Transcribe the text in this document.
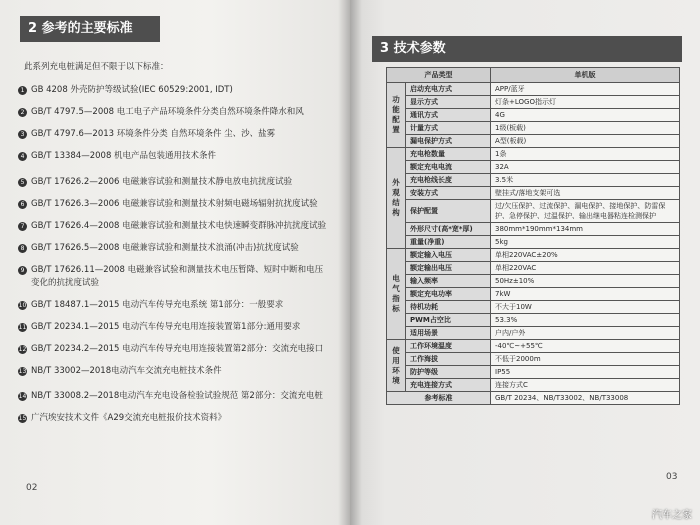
2 参考的主要标准
此系列充电桩满足但不限于以下标准：
1 GB 4208 外壳防护等级试验(IEC 60529:2001, IDT)
2 GB/T 4797.5—2008 电工电子产品环境条件分类自然环境条件降水和风
3 GB/T 4797.6—2013 环境条件分类 自然环境条件 尘、沙、盐雾
4 GB/T 13384—2008 机电产品包装通用技术条件
5 GB/T 17626.2—2006 电磁兼容试验和测量技术静电放电抗扰度试验
6 GB/T 17626.3—2006 电磁兼容试验和测量技术射频电磁场辐射抗扰度试验
7 GB/T 17626.4—2008 电磁兼容试验和测量技术电快速瞬变群脉冲抗扰度试验
8 GB/T 17626.5—2008 电磁兼容试验和测量技术浪涌(冲击)抗扰度试验
9 GB/T 17626.11—2008 电磁兼容试验和测量技术电压暂降、短时中断和电压变化的抗扰度试验
10 GB/T 18487.1—2015 电动汽车传导充电系统 第1部分：一般要求
11 GB/T 20234.1—2015 电动汽车传导充电用连接装置第1部分:通用要求
12 GB/T 20234.2—2015 电动汽车传导充电用连接装置第2部分：交流充电接口
13 NB/T 33002—2018电动汽车交流充电桩技术条件
14 NB/T 33008.2—2018电动汽车充电设备检验试验规范 第2部分：交流充电桩
15 广汽埃安技术文件《A29交流充电桩报价技术资料》
02
3 技术参数
产品类型		单机版

功
能
配
置	启动充电方式	APP/蓝牙
	显示方式	灯条+LOGO指示灯
	通讯方式	4G
	计量方式	1级(板载)
	漏电保护方式	A型(板载)

外
观
结
构	充电枪数量	1条
	额定充电电流	32A
	充电枪线长度	3.5米
	安装方式	壁挂式/落地支架可选
	保护配置	过/欠压保护、过流保护、漏电保护、接地保护、防雷保护、急停保护、过温保护、输出继电器粘连检测保护
	外形尺寸(高*宽*厚)	380mm*190mm*134mm
	重量(净重)	5kg

电
气
指
标	额定输入电压	单相220VAC±20%
	额定输出电压	单相220VAC
	输入频率	50Hz±10%
	额定充电功率	7kW
	待机功耗	不大于10W
	PWM占空比	53.3%
	适用场景	户内/户外

使
用
环
境	工作环境温度	-40℃~+55℃
	工作海拔	不低于2000m
	防护等级	IP55
	充电连接方式	连接方式C
参考标准		GB/T 20234、NB/T33002、NB/T33008
03
汽车之家
